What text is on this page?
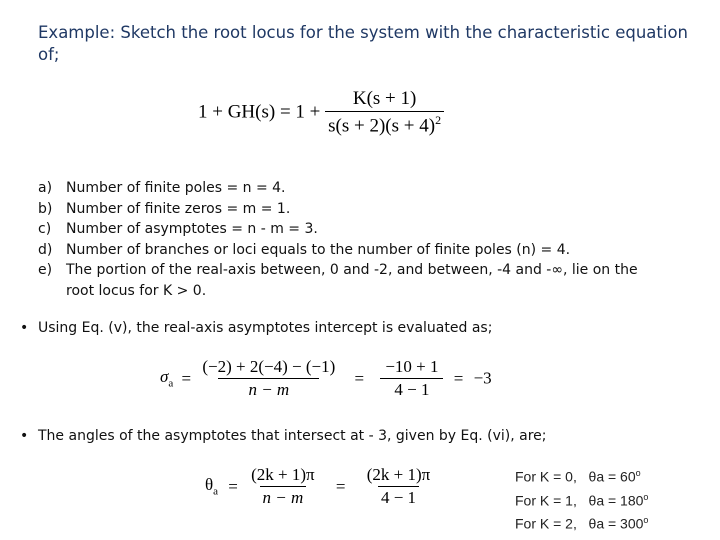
Example: Sketch the root locus for the system with the characteristic equation of;
$1 + GH(s) = 1 + \frac{K(s + 1)}{s(s + 2)(s + 4)^2}$
a) Number of finite poles = n = 4.
b) Number of finite zeros = m = 1.
c)	Number of asymptotes = n - m = 3.
d) Number of branches or loci equals to the number of finite poles (n) = 4.
e) The portion of the real-axis between, 0 and -2, and between, -4 and -∞, lie on the root locus for K > 0.
• Using Eq. (v), the real-axis asymptotes intercept is evaluated as;
$\sigma_a = \frac{(-2) + 2(-4) - (-1)}{n - m} = \frac{-10 + 1}{4 - 1} = -3$
• The angles of the asymptotes that intersect at - 3, given by Eq. (vi), are;
$\theta_a = \frac{(2k + 1)\pi}{n - m} = \frac{(2k + 1)\pi}{4 - 1}$	For K = 0,   $\theta a = 60^o$
For K = 1,   $\theta a = 180^o$
For K = 2,   $\theta a = 300^o$
